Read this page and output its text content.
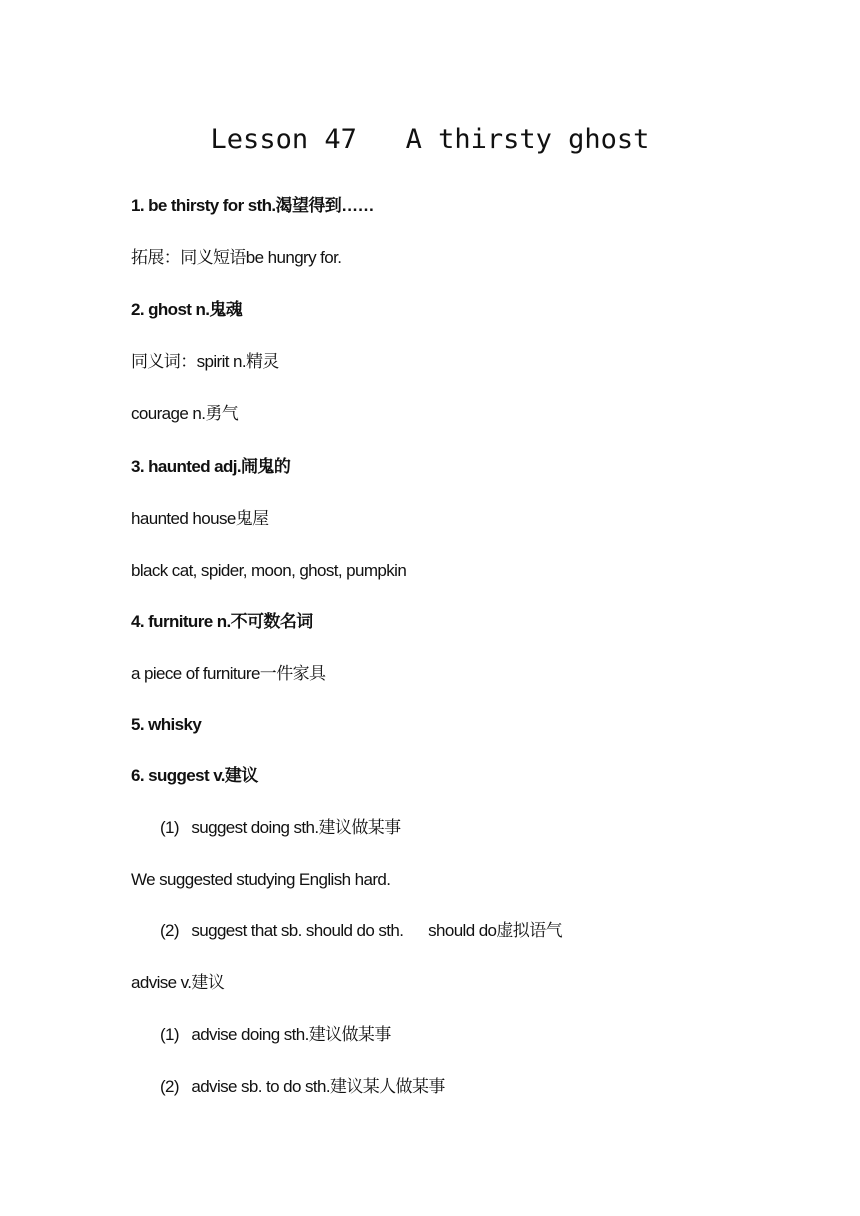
Lesson 47   A thirsty ghost
1. be thirsty for sth.渴望得到……
拓展：同义短语be hungry for.
2. ghost n.鬼魂
同义词：spirit n.精灵
courage n.勇气
3. haunted adj.闹鬼的
haunted house鬼屋
black cat, spider, moon, ghost, pumpkin
4. furniture n.不可数名词
a piece of furniture一件家具
5. whisky
6. suggest v.建议
(1)   suggest doing sth.建议做某事
We suggested studying English hard.
(2)   suggest that sb. should do sth.      should do虚拟语气
advise v.建议
(1)   advise doing sth.建议做某事
(2)   advise sb. to do sth.建议某人做某事
